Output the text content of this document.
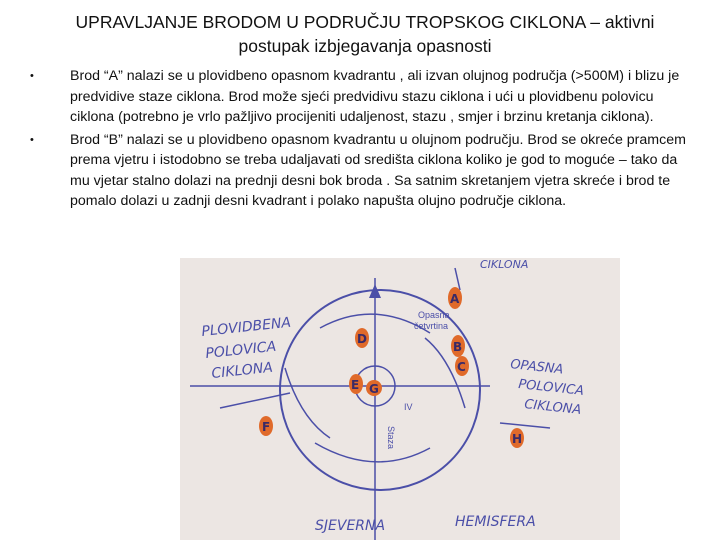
UPRAVLJANJE BRODOM U PODRUČJU TROPSKOG CIKLONA – aktivni
postupak izbjegavanja opasnosti
•	Brod “A” nalazi se u plovidbeno opasnom kvadrantu , ali izvan olujnog područja (>500M) i blizu je predvidive staze ciklona. Brod može sjeći predvidivu stazu ciklona i ući u plovidbenu polovicu ciklona (potrebno je vrlo pažljivo procijeniti udaljenost, stazu , smjer i brzinu kretanja ciklona).
•	Brod “B” nalazi se u plovidbeno opasnom kvadrantu u olujnom području. Brod se okreće pramcem prema vjetru i istodobno se treba udaljavati od središta ciklona koliko je god to moguće – tako da mu vjetar stalno dolazi na prednji desni bok broda . Sa satnim skretanjem vjetra skreće i brod te pomalo dolazi u zadnji desni kvadrant i polako napušta olujno područje ciklona.
CIKLONA
PLOVIDBENA
POLOVICA
CIKLONA	OPASNA
POLOVICA
CIKLONA
SJEVERNA	HEMISFERA
Opasna
četvrtina
Staza
IV
A
B
C
D
E
F
G
H
